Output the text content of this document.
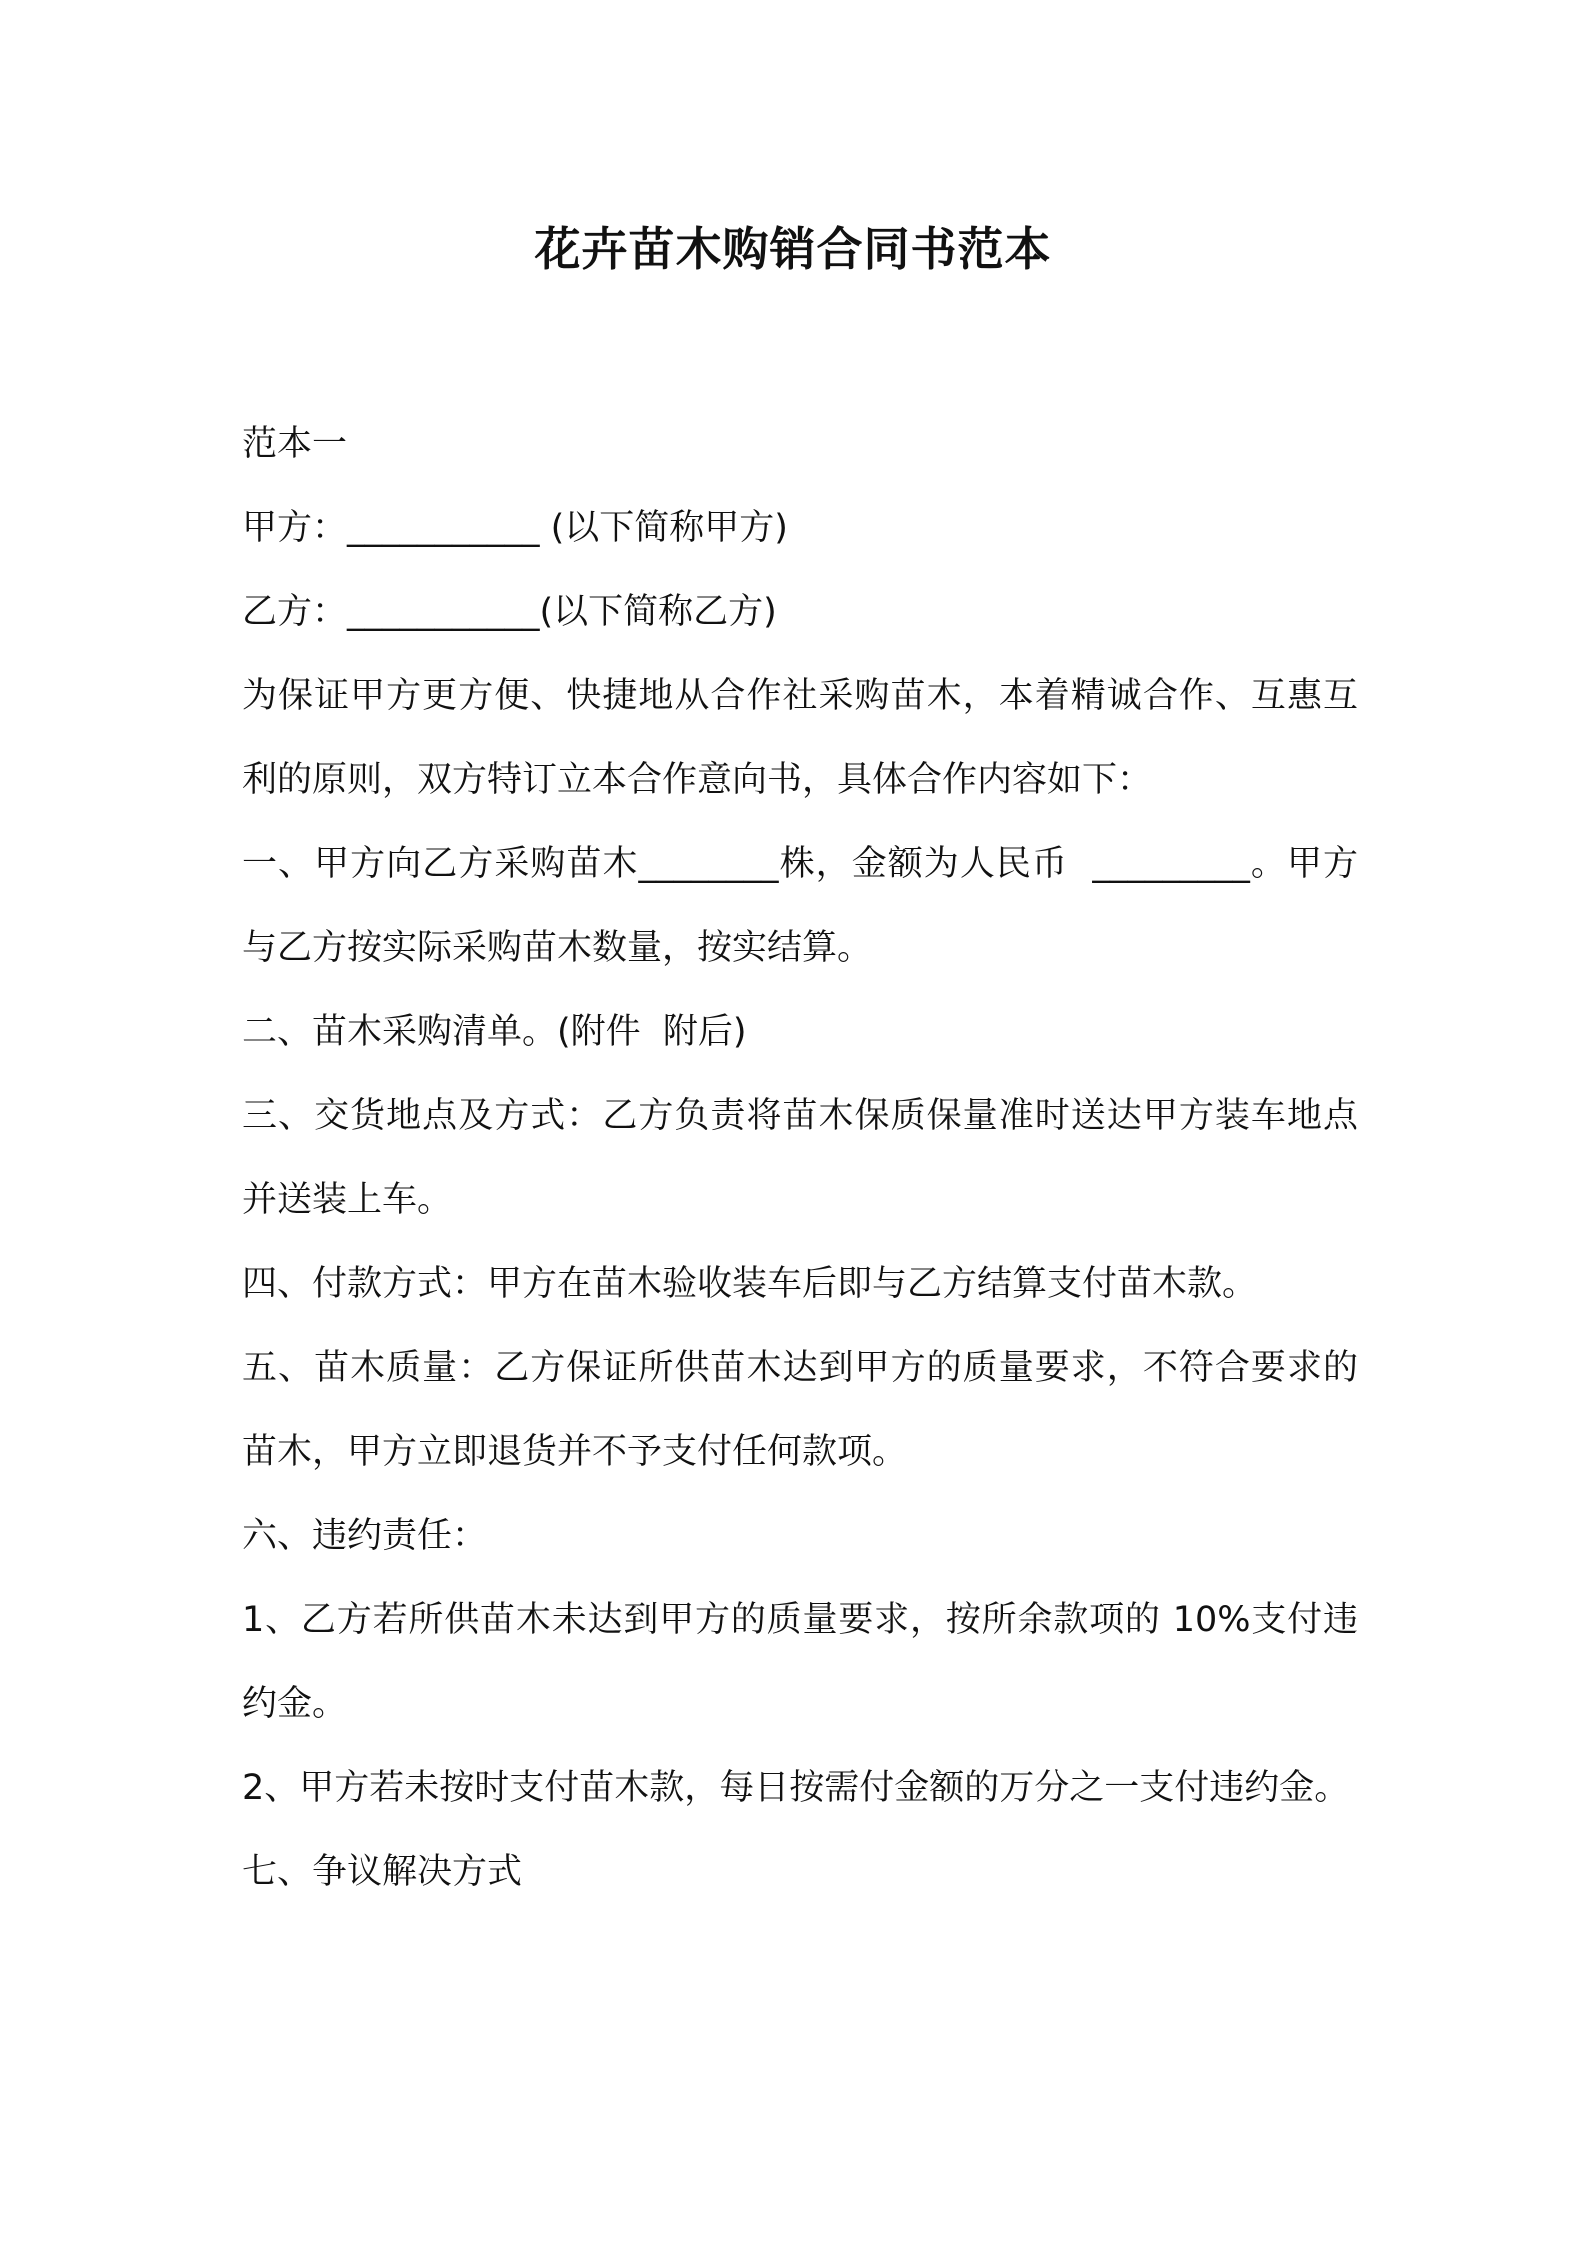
花卉苗木购销合同书范本

范本一

甲方：___________ (以下简称甲方)

乙方：___________(以下简称乙方)

为保证甲方更方便、快捷地从合作社采购苗木，本着精诚合作、互惠互利的原则，双方特订立本合作意向书，具体合作内容如下：

一、甲方向乙方采购苗木________株，金额为人民币  _________。甲方与乙方按实际采购苗木数量，按实结算。

二、苗木采购清单。(附件  附后)

三、交货地点及方式：乙方负责将苗木保质保量准时送达甲方装车地点并送装上车。

四、付款方式：甲方在苗木验收装车后即与乙方结算支付苗木款。

五、苗木质量：乙方保证所供苗木达到甲方的质量要求，不符合要求的苗木，甲方立即退货并不予支付任何款项。

六、违约责任：

1、乙方若所供苗木未达到甲方的质量要求，按所余款项的 10%支付违约金。

2、甲方若未按时支付苗木款，每日按需付金额的万分之一支付违约金。

七、争议解决方式
